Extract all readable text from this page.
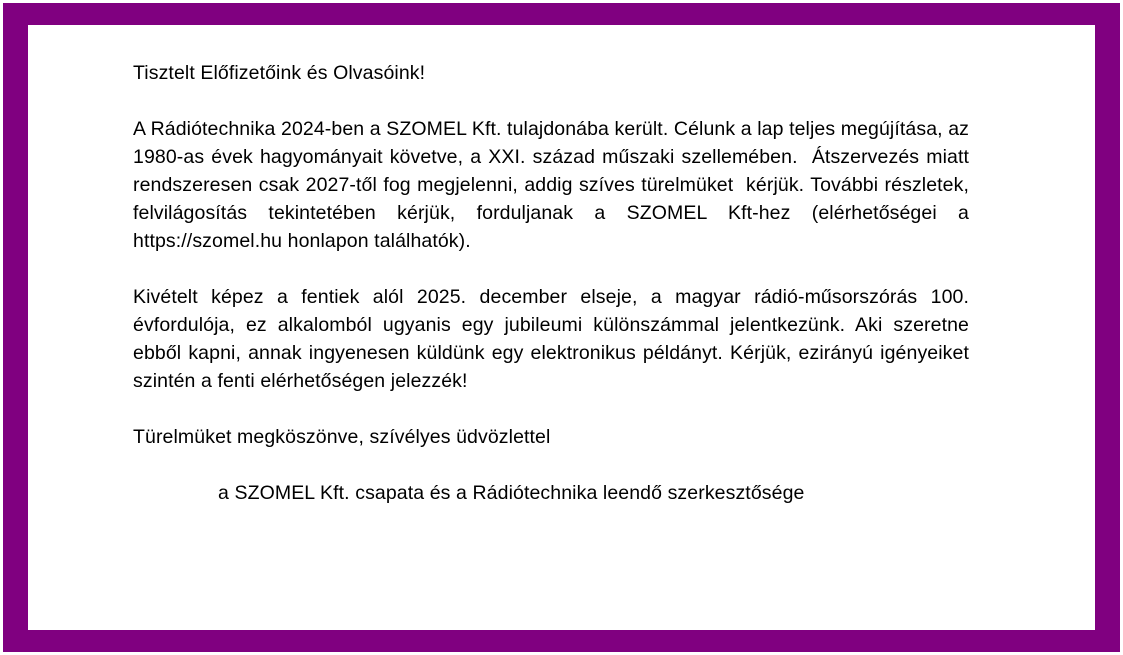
Tisztelt Előfizetőink és Olvasóink!

A Rádiótechnika 2024-ben a SZOMEL Kft. tulajdonába került. Célunk a lap teljes megújítása, az 1980-as évek hagyományait követve, a XXI. század műszaki szellemében.  Átszervezés miatt rendszeresen csak 2027-től fog megjelenni, addig szíves türelmüket  kérjük. További részletek, felvilágosítás tekintetében kérjük, forduljanak a SZOMEL Kft-hez (elérhetőségei a https://szomel.hu honlapon találhatók).

Kivételt képez a fentiek alól 2025. december elseje, a magyar rádió-műsorszórás 100. évfordulója, ez alkalomból ugyanis egy jubileumi különszámmal jelentkezünk. Aki szeretne ebből kapni, annak ingyenesen küldünk egy elektronikus példányt. Kérjük, ezirányú igényeiket szintén a fenti elérhetőségen jelezzék!

Türelmüket megköszönve, szívélyes üdvözlettel

a SZOMEL Kft. csapata és a Rádiótechnika leendő szerkesztősége
